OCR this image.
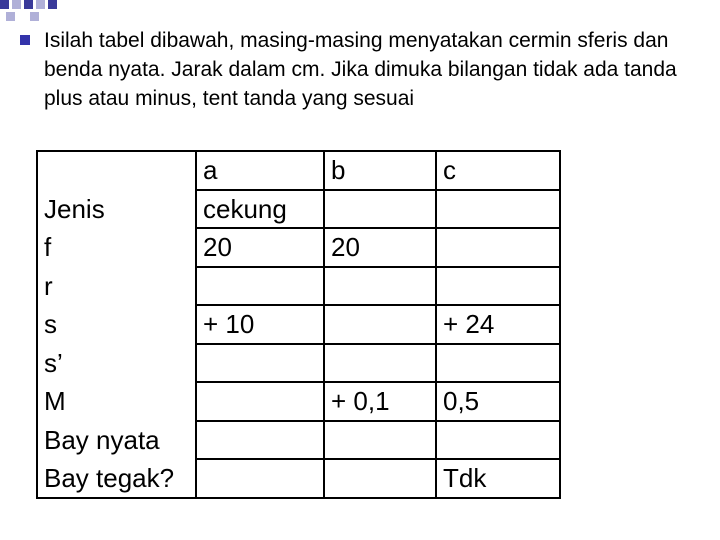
Isilah tabel dibawah, masing-masing menyatakan cermin sferis dan benda nyata. Jarak dalam cm. Jika dimuka bilangan tidak ada tanda plus atau minus, tent tanda yang sesuai
	a	b	c
Jenis	cekung		
f	20	20	
r			
s	+ 10		+ 24
s’			
M		+ 0,1	0,5
Bay nyata			
Bay tegak?			Tdk
